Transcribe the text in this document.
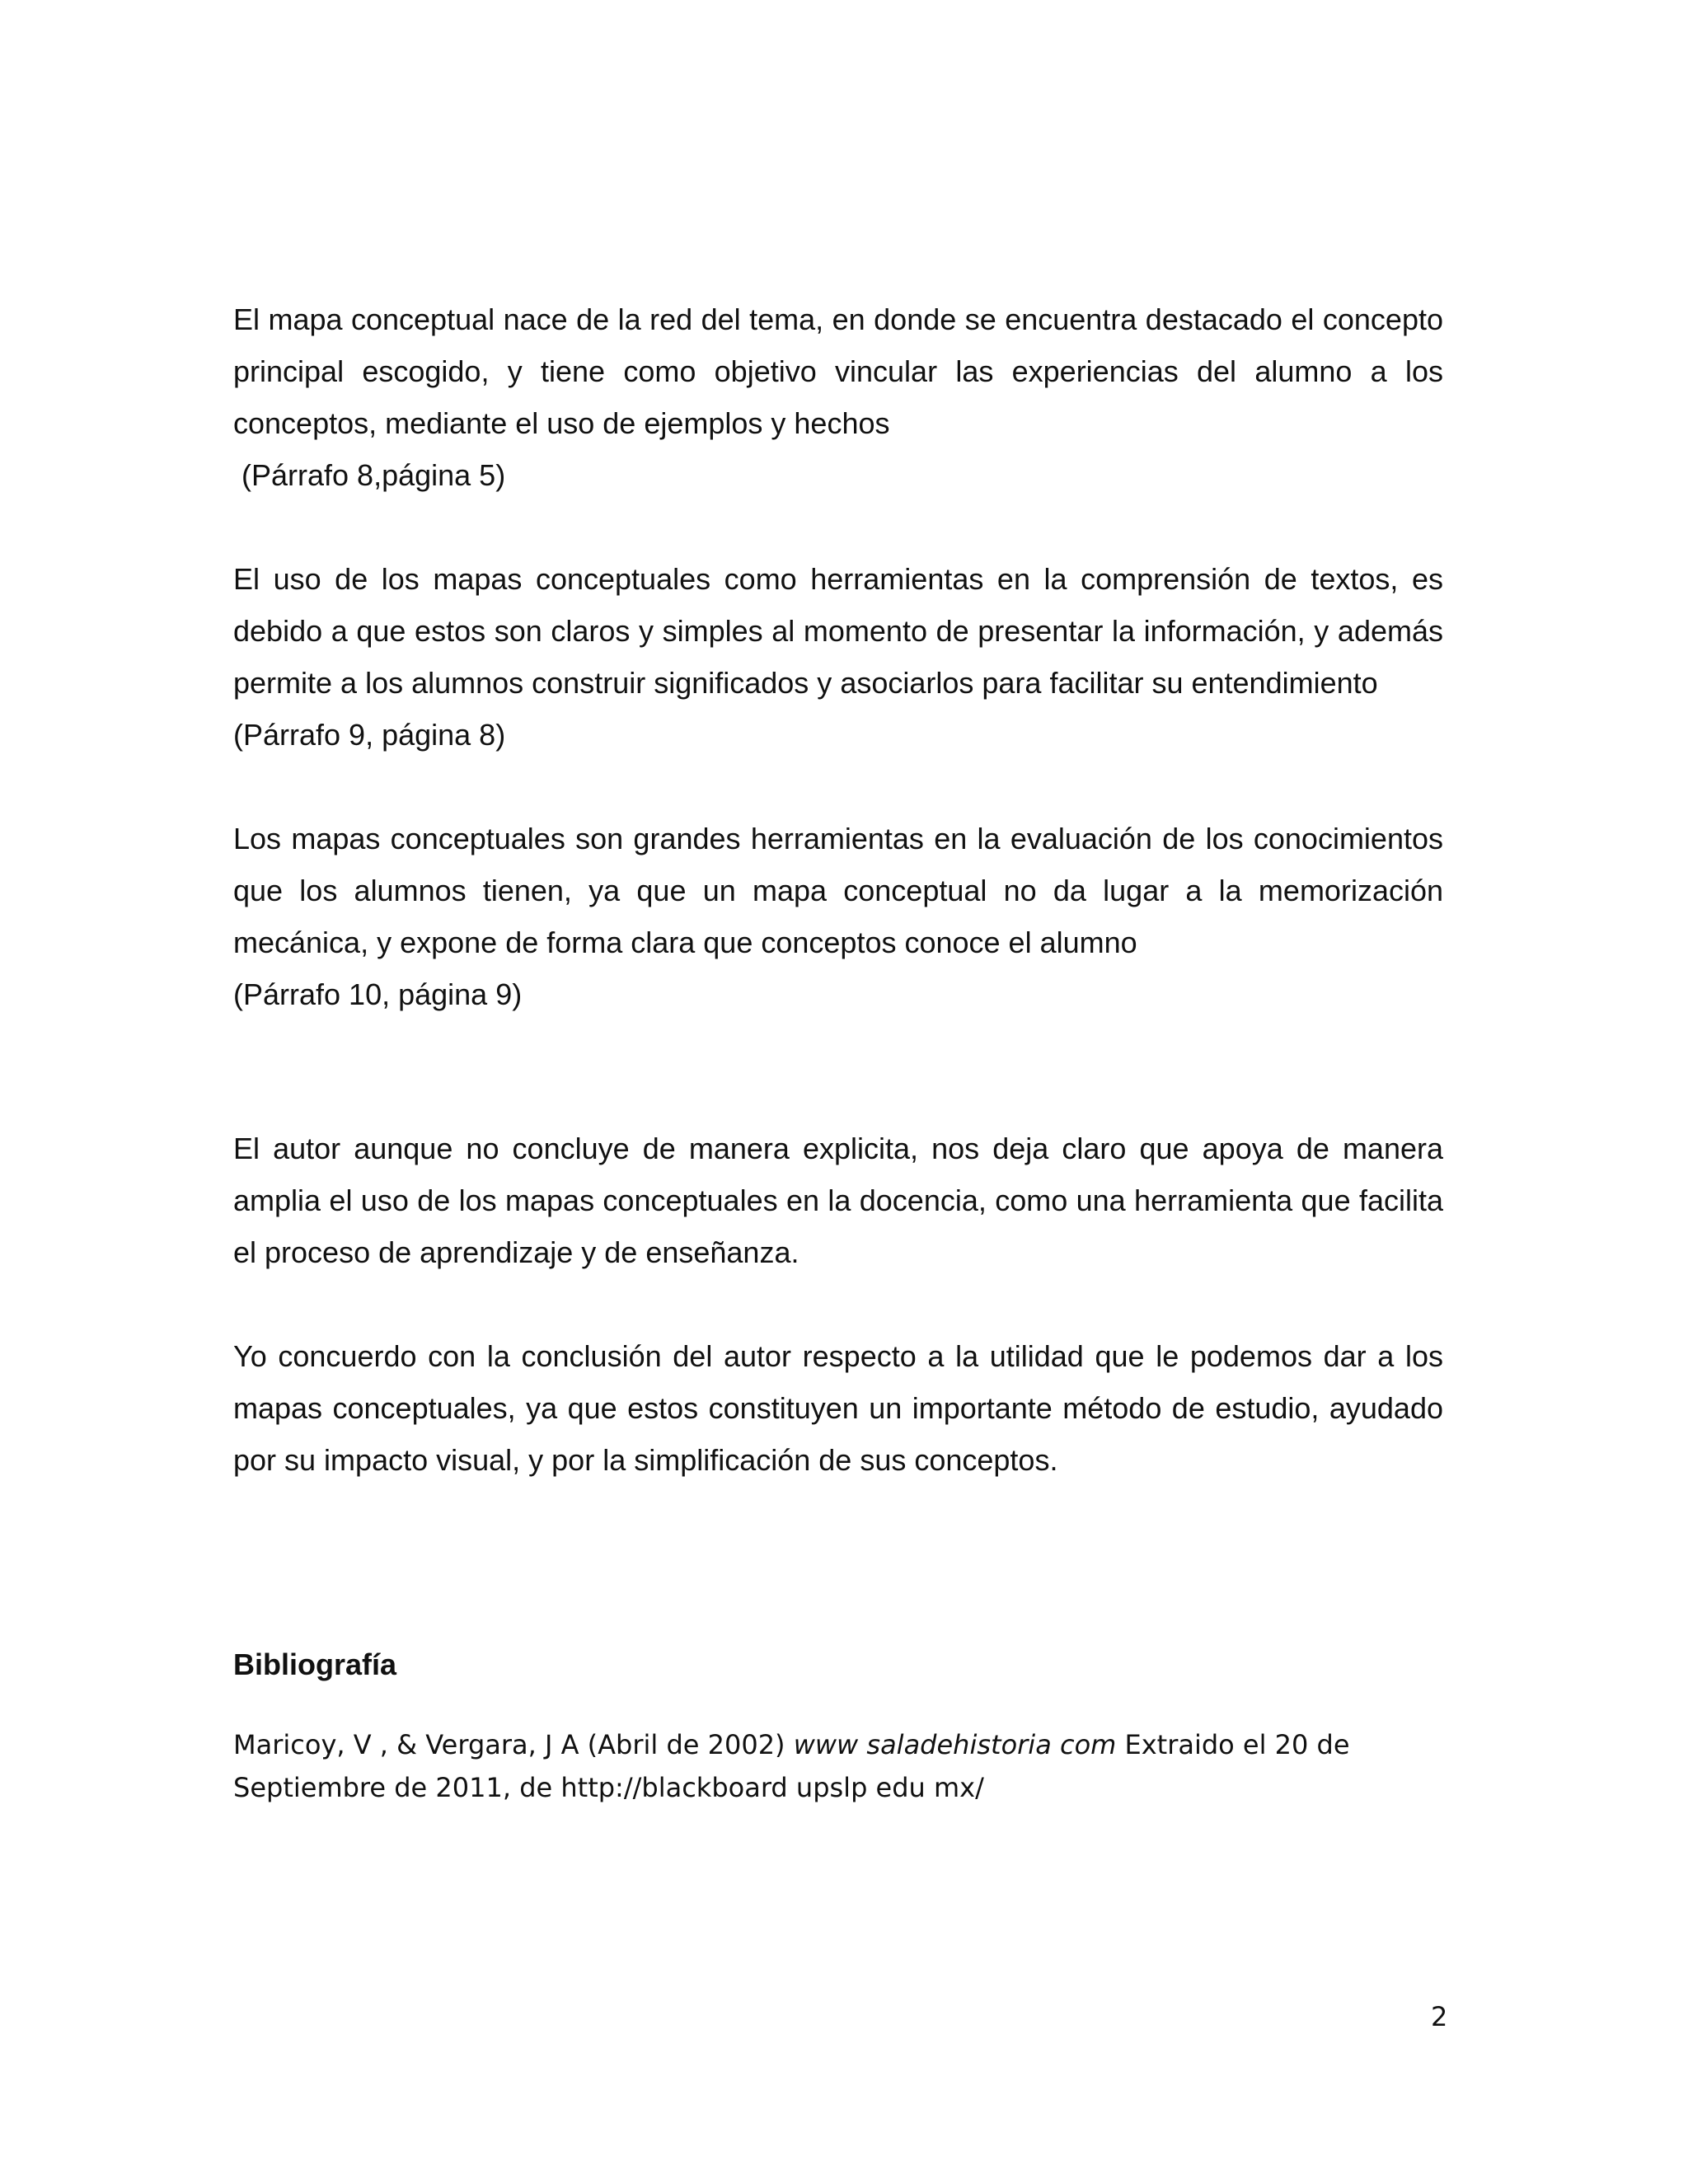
El mapa conceptual nace de la red del tema, en donde se encuentra destacado el concepto principal escogido, y tiene como objetivo vincular las experiencias del alumno a los conceptos, mediante el uso de ejemplos y hechos
(Párrafo 8,página 5)

El uso de los mapas conceptuales como herramientas en la comprensión de textos, es debido a que estos son claros y simples al momento de presentar la información, y además permite a los alumnos construir significados y asociarlos para facilitar su entendimiento
(Párrafo 9, página 8)

Los mapas conceptuales son grandes herramientas en la evaluación de los conocimientos que los alumnos tienen, ya que un mapa conceptual no da lugar a la memorización mecánica, y expone de forma clara que conceptos conoce el alumno
(Párrafo 10, página 9)

El autor aunque no concluye de manera explicita, nos deja claro que apoya de manera amplia el uso de los mapas conceptuales en la docencia, como una herramienta que facilita el proceso de aprendizaje y de enseñanza.

Yo concuerdo con la conclusión del autor respecto a la utilidad que le podemos dar a los mapas conceptuales, ya que estos constituyen un importante método de estudio, ayudado por su impacto visual, y por la simplificación de sus conceptos.

Bibliografía

Maricoy, V , & Vergara, J A (Abril de 2002) www saladehistoria com Extraido el 20 de Septiembre de 2011, de http://blackboard upslp edu mx/

2
